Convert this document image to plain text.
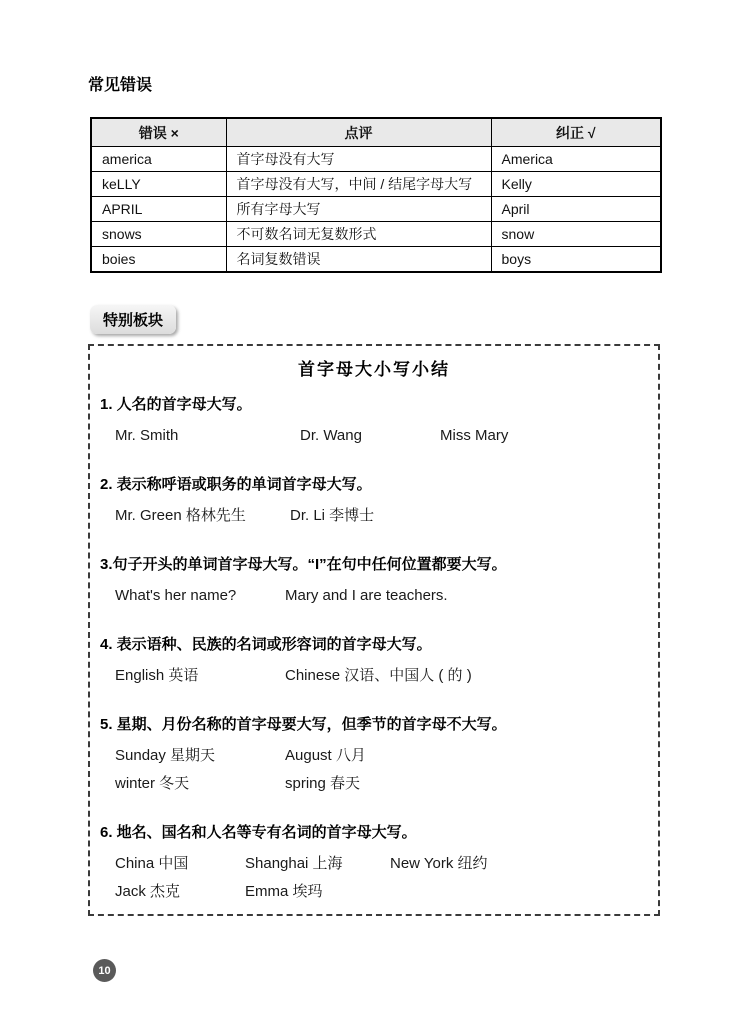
常见错误
错误 ×	点评	纠正 √
america	首字母没有大写	America
keLLY	首字母没有大写，中间 / 结尾字母大写	Kelly
APRIL	所有字母大写	April
snows	不可数名词无复数形式	snow
boies	名词复数错误	boys
特别板块
首字母大小写小结
1. 人名的首字母大写。
Mr. Smith	Dr. Wang	Miss Mary
2. 表示称呼语或职务的单词首字母大写。
Mr. Green 格林先生	Dr. Li 李博士
3.句子开头的单词首字母大写。“I”在句中任何位置都要大写。
What's her name?	Mary and I are teachers.
4. 表示语种、民族的名词或形容词的首字母大写。
English 英语	Chinese 汉语、中国人 ( 的 )
5. 星期、月份名称的首字母要大写，但季节的首字母不大写。
Sunday 星期天	August 八月
winter 冬天	spring 春天
6. 地名、国名和人名等专有名词的首字母大写。
China 中国	Shanghai 上海	New York 纽约
Jack 杰克	Emma 埃玛
10
